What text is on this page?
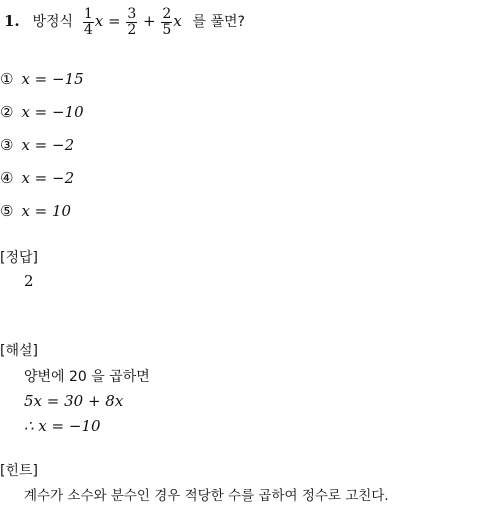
1. 방정식 $\frac{1}{4}$ $x = \frac{3}{2} + \frac{2}{5}$ x 를 풀면?
① x = −15
② x = −10
③ x = −2
④ x = −2
⑤ x = 10
[정답]
2
[해설]
양변에 20 을 곱하면
5x = 30 + 8x
∴ x = −10
[힌트]
계수가 소수와 분수인 경우 적당한 수를 곱하여 정수로 고친다.
